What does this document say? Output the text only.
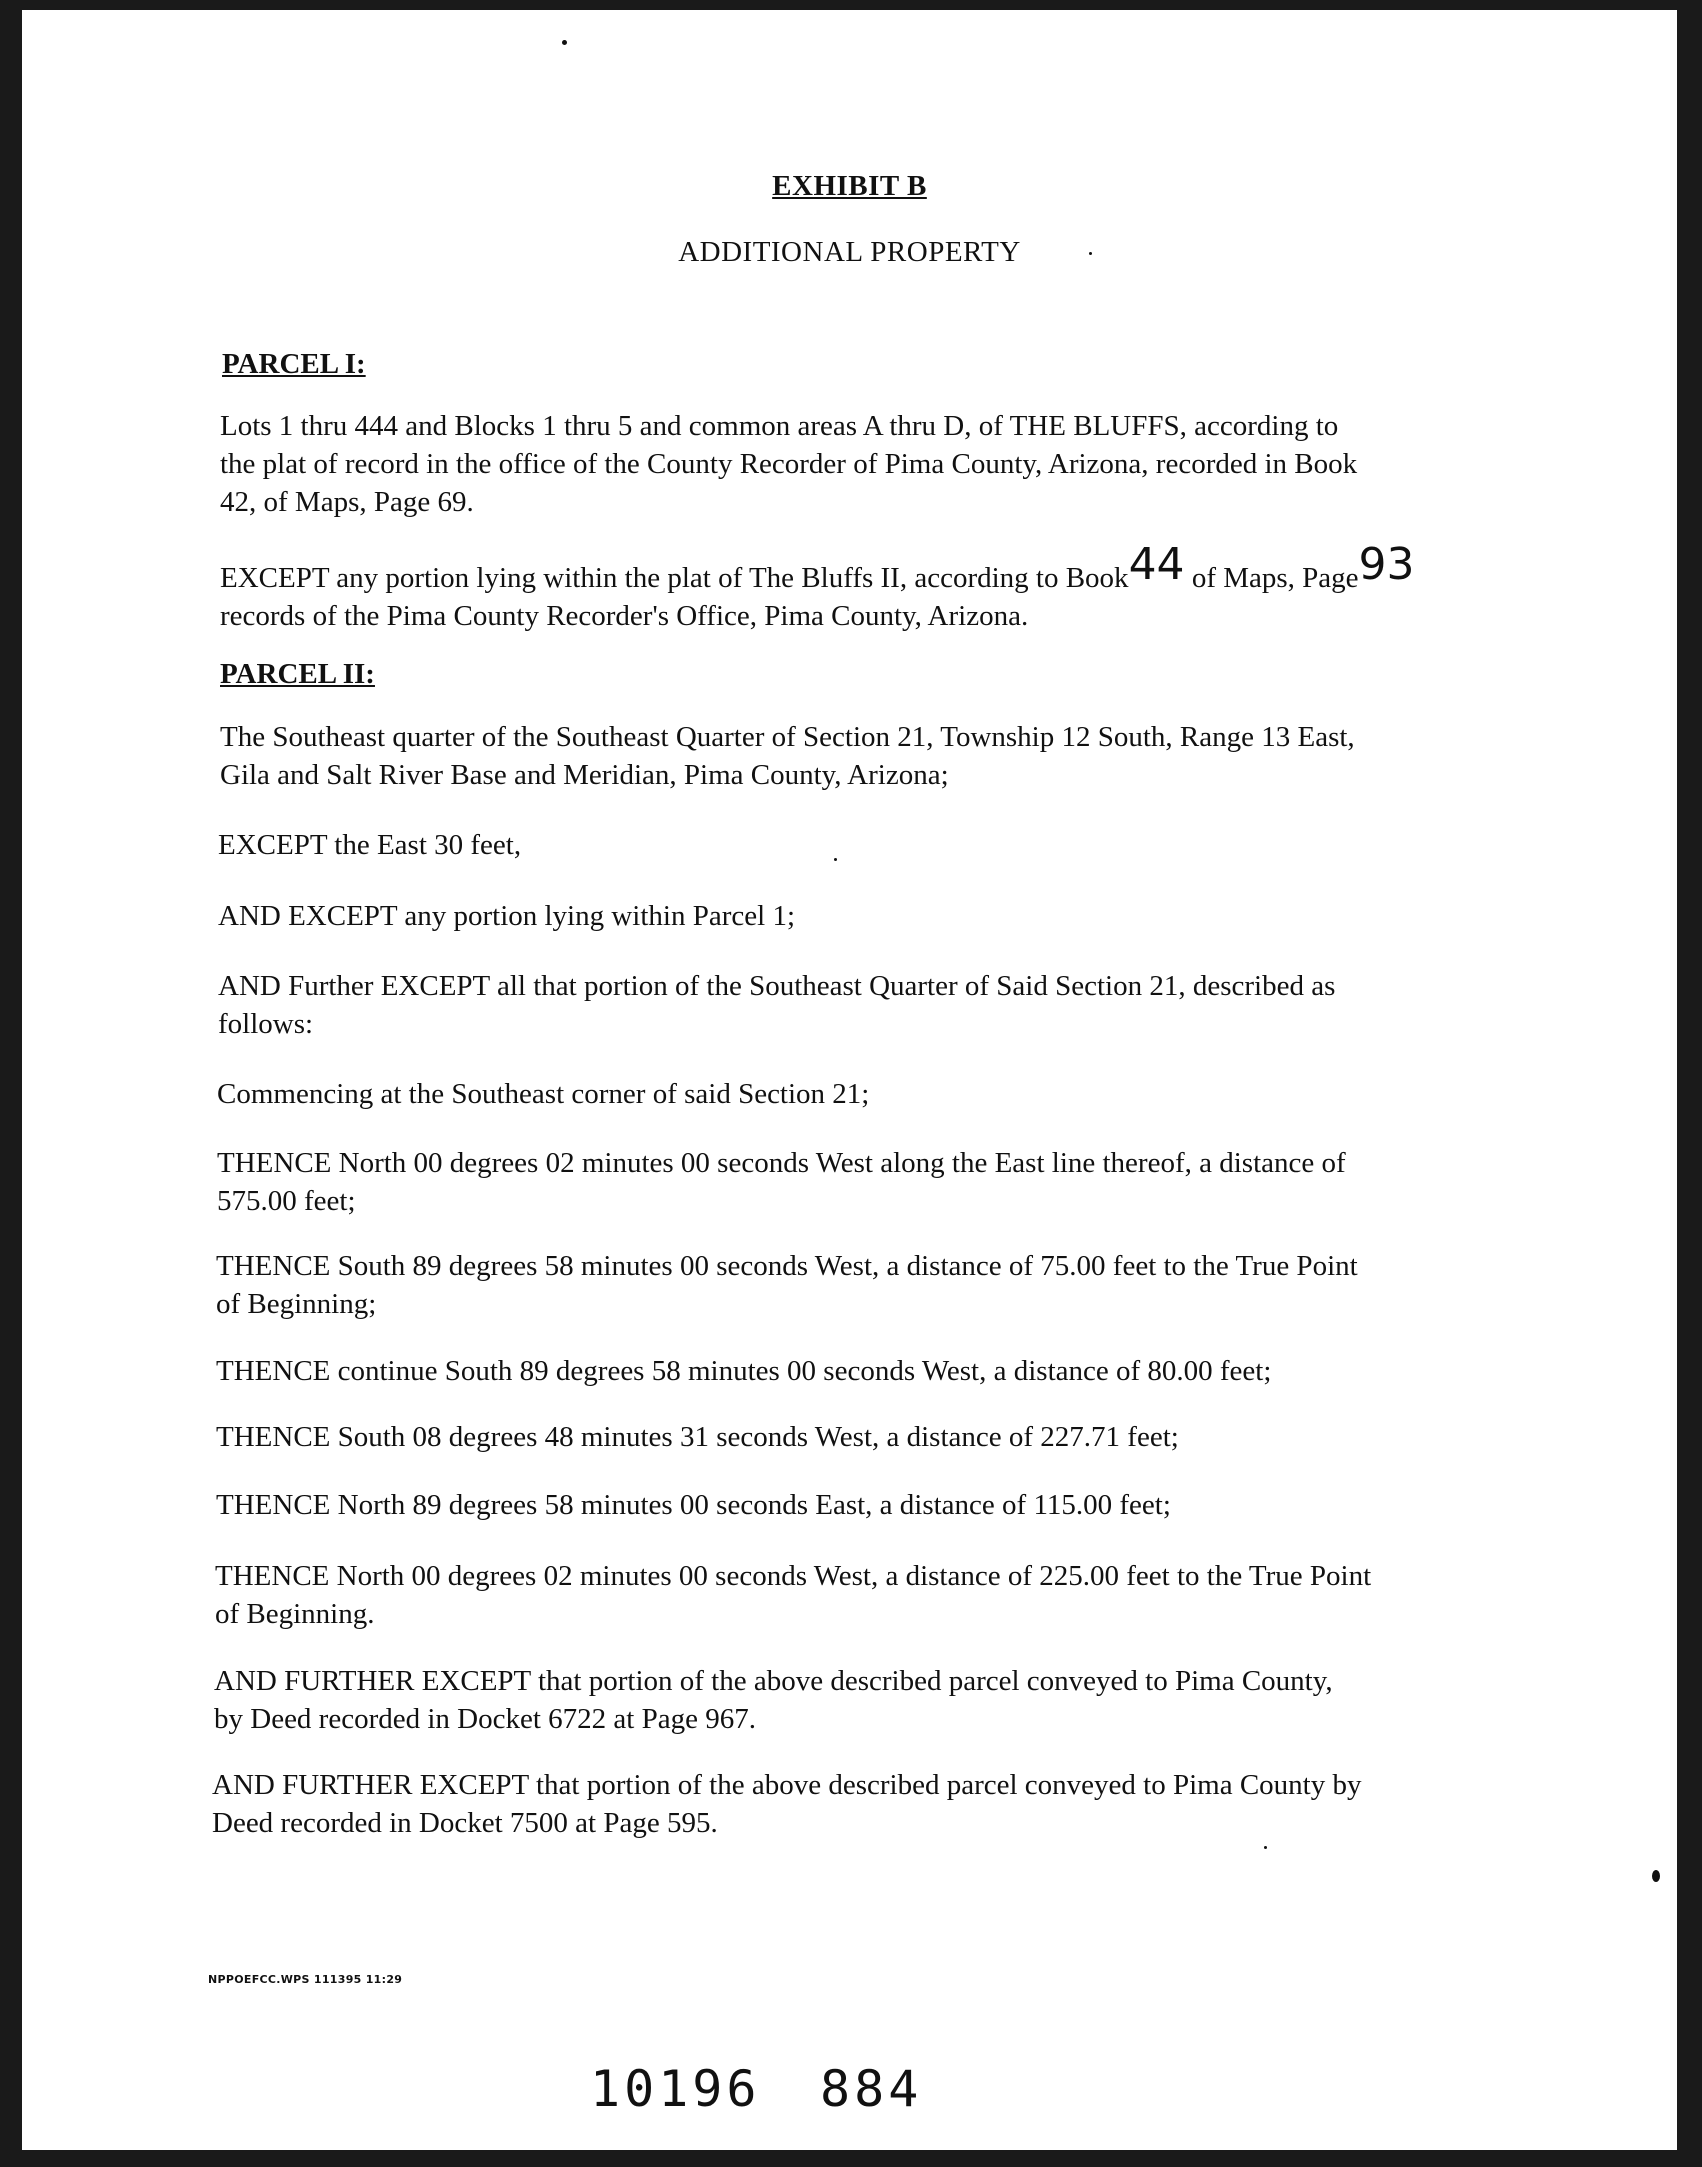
EXHIBIT B
ADDITIONAL PROPERTY
PARCEL I:
Lots 1 thru 444 and Blocks 1 thru 5 and common areas A thru D, of THE BLUFFS, according to
the plat of record in the office of the County Recorder of Pima County, Arizona, recorded in Book
42, of Maps, Page 69.
EXCEPT any portion lying within the plat of The Bluffs II, according to Book44 of Maps, Page93
records of the Pima County Recorder's Office, Pima County, Arizona.
PARCEL II:
The Southeast quarter of the Southeast Quarter of Section 21, Township 12 South, Range 13 East,
Gila and Salt River Base and Meridian, Pima County, Arizona;
EXCEPT the East 30 feet,
AND EXCEPT any portion lying within Parcel 1;
AND Further EXCEPT all that portion of the Southeast Quarter of Said Section 21, described as
follows:
Commencing at the Southeast corner of said Section 21;
THENCE North 00 degrees 02 minutes 00 seconds West along the East line thereof, a distance of
575.00 feet;
THENCE South 89 degrees 58 minutes 00 seconds West, a distance of 75.00 feet to the True Point
of Beginning;
THENCE continue South 89 degrees 58 minutes 00 seconds West, a distance of 80.00 feet;
THENCE South 08 degrees 48 minutes 31 seconds West, a distance of 227.71 feet;
THENCE North 89 degrees 58 minutes 00 seconds East, a distance of 115.00 feet;
THENCE North 00 degrees 02 minutes 00 seconds West, a distance of 225.00 feet to the True Point
of Beginning.
AND FURTHER EXCEPT that portion of the above described parcel conveyed to Pima County,
by Deed recorded in Docket 6722 at Page 967.
AND FURTHER EXCEPT that portion of the above described parcel conveyed to Pima County by
Deed recorded in Docket 7500 at Page 595.
NPPOEFCC.WPS 111395 11:29
10196 884
